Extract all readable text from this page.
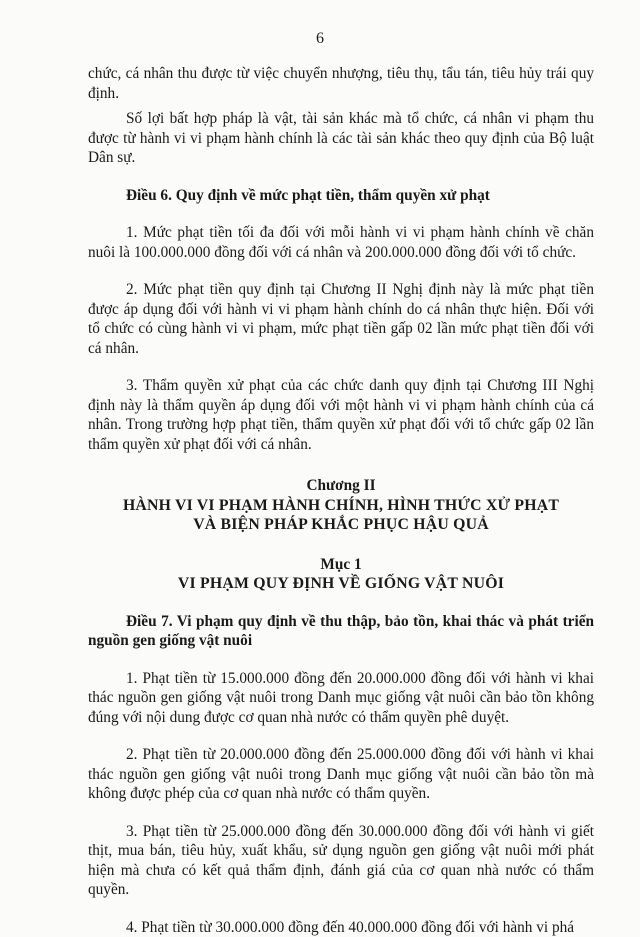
6

chức, cá nhân thu được từ việc chuyển nhượng, tiêu thụ, tẩu tán, tiêu hủy trái quy định.

Số lợi bất hợp pháp là vật, tài sản khác mà tổ chức, cá nhân vi phạm thu được từ hành vi vi phạm hành chính là các tài sản khác theo quy định của Bộ luật Dân sự.

Điều 6. Quy định về mức phạt tiền, thẩm quyền xử phạt

1. Mức phạt tiền tối đa đối với mỗi hành vi vi phạm hành chính về chăn nuôi là 100.000.000 đồng đối với cá nhân và 200.000.000 đồng đối với tổ chức.

2. Mức phạt tiền quy định tại Chương II Nghị định này là mức phạt tiền được áp dụng đối với hành vi vi phạm hành chính do cá nhân thực hiện. Đối với tổ chức có cùng hành vi vi phạm, mức phạt tiền gấp 02 lần mức phạt tiền đối với cá nhân.

3. Thẩm quyền xử phạt của các chức danh quy định tại Chương III Nghị định này là thẩm quyền áp dụng đối với một hành vi vi phạm hành chính của cá nhân. Trong trường hợp phạt tiền, thẩm quyền xử phạt đối với tổ chức gấp 02 lần thẩm quyền xử phạt đối với cá nhân.

Chương II

HÀNH VI VI PHẠM HÀNH CHÍNH, HÌNH THỨC XỬ PHẠT

VÀ BIỆN PHÁP KHẮC PHỤC HẬU QUẢ

Mục 1

VI PHẠM QUY ĐỊNH VỀ GIỐNG VẬT NUÔI

Điều 7. Vi phạm quy định về thu thập, bảo tồn, khai thác và phát triển nguồn gen giống vật nuôi

1. Phạt tiền từ 15.000.000 đồng đến 20.000.000 đồng đối với hành vi khai thác nguồn gen giống vật nuôi trong Danh mục giống vật nuôi cần bảo tồn không đúng với nội dung được cơ quan nhà nước có thẩm quyền phê duyệt.

2. Phạt tiền từ 20.000.000 đồng đến 25.000.000 đồng đối với hành vi khai thác nguồn gen giống vật nuôi trong Danh mục giống vật nuôi cần bảo tồn mà không được phép của cơ quan nhà nước có thẩm quyền.

3. Phạt tiền từ 25.000.000 đồng đến 30.000.000 đồng đối với hành vi giết thịt, mua bán, tiêu hủy, xuất khẩu, sử dụng nguồn gen giống vật nuôi mới phát hiện mà chưa có kết quả thẩm định, đánh giá của cơ quan nhà nước có thẩm quyền.

4. Phạt tiền từ 30.000.000 đồng đến 40.000.000 đồng đối với hành vi phá
